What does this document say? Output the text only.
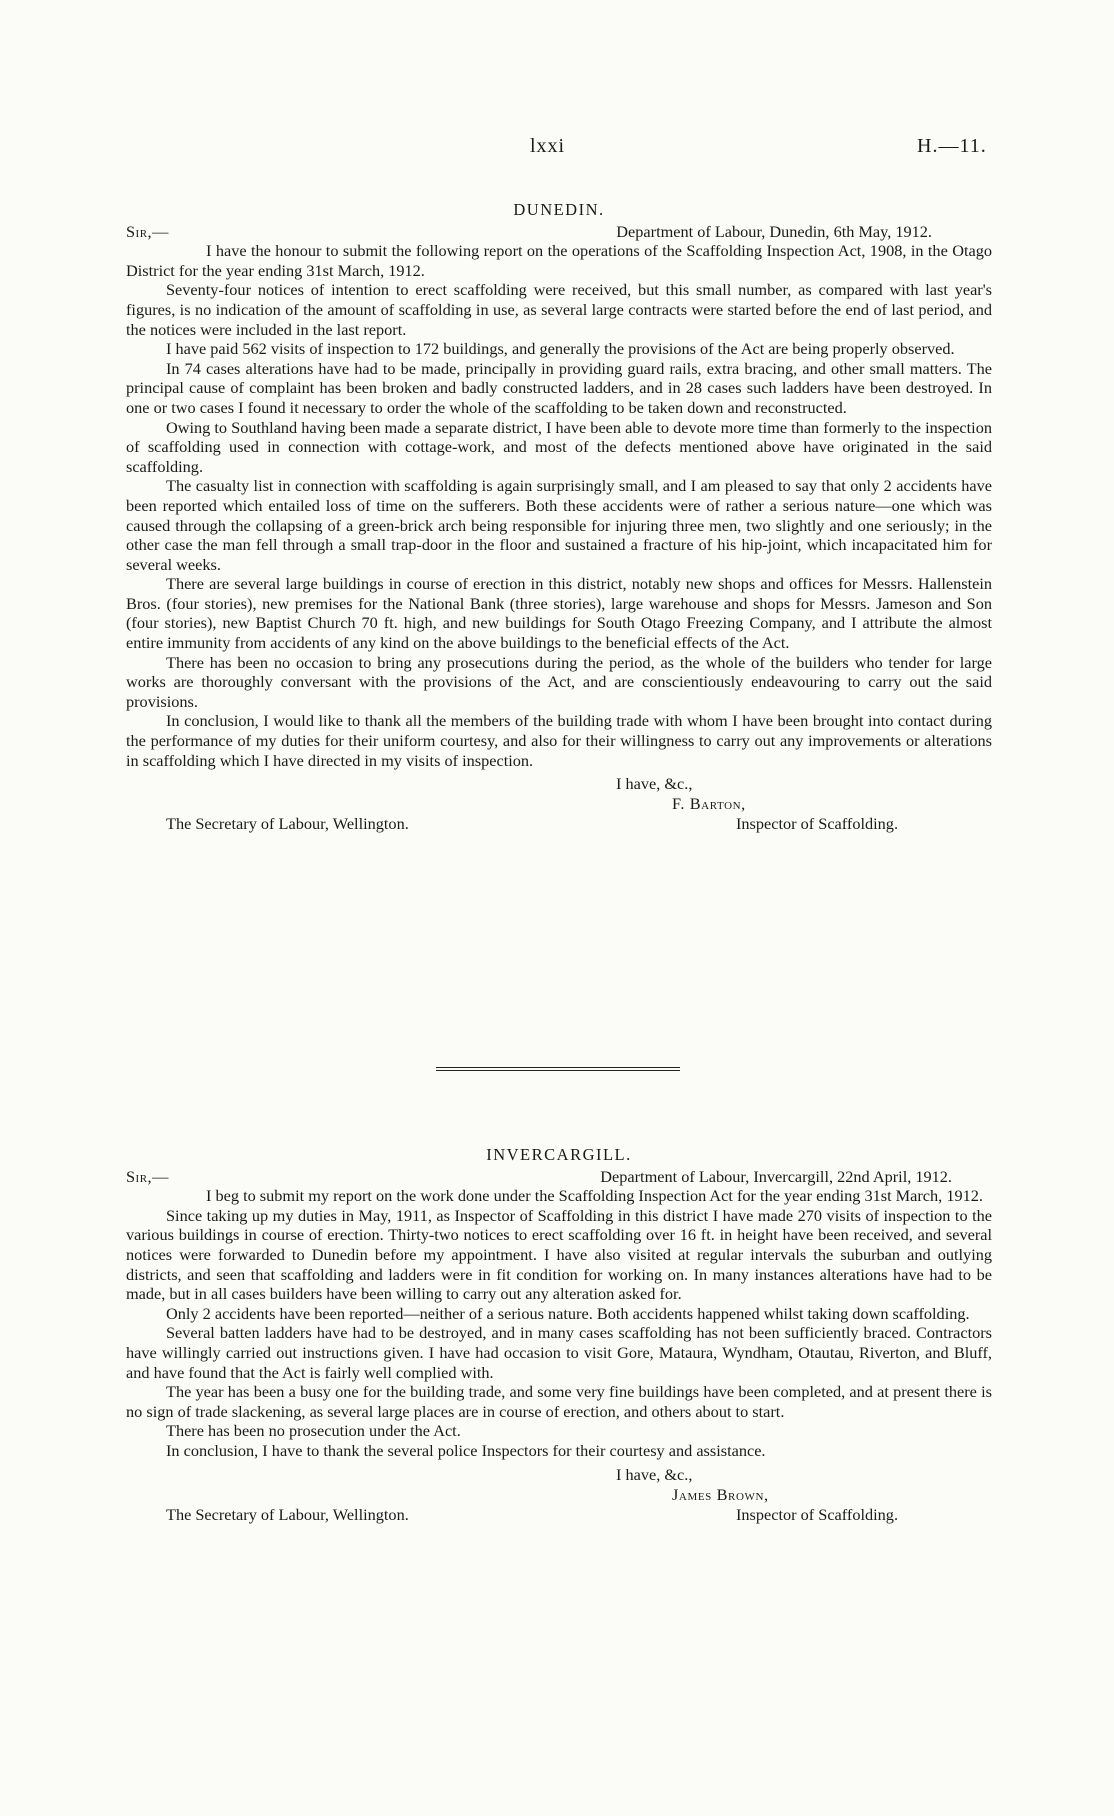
lxxi	H.—11.
DUNEDIN.
Sir,—	Department of Labour, Dunedin, 6th May, 1912.

I have the honour to submit the following report on the operations of the Scaffolding Inspection Act, 1908, in the Otago District for the year ending 31st March, 1912.

Seventy-four notices of intention to erect scaffolding were received, but this small number, as compared with last year's figures, is no indication of the amount of scaffolding in use, as several large contracts were started before the end of last period, and the notices were included in the last report.

I have paid 562 visits of inspection to 172 buildings, and generally the provisions of the Act are being properly observed.

In 74 cases alterations have had to be made, principally in providing guard rails, extra bracing, and other small matters. The principal cause of complaint has been broken and badly constructed ladders, and in 28 cases such ladders have been destroyed. In one or two cases I found it necessary to order the whole of the scaffolding to be taken down and reconstructed.

Owing to Southland having been made a separate district, I have been able to devote more time than formerly to the inspection of scaffolding used in connection with cottage-work, and most of the defects mentioned above have originated in the said scaffolding.

The casualty list in connection with scaffolding is again surprisingly small, and I am pleased to say that only 2 accidents have been reported which entailed loss of time on the sufferers. Both these accidents were of rather a serious nature—one which was caused through the collapsing of a green-brick arch being responsible for injuring three men, two slightly and one seriously; in the other case the man fell through a small trap-door in the floor and sustained a fracture of his hip-joint, which incapacitated him for several weeks.

There are several large buildings in course of erection in this district, notably new shops and offices for Messrs. Hallenstein Bros. (four stories), new premises for the National Bank (three stories), large warehouse and shops for Messrs. Jameson and Son (four stories), new Baptist Church 70 ft. high, and new buildings for South Otago Freezing Company, and I attribute the almost entire immunity from accidents of any kind on the above buildings to the beneficial effects of the Act.

There has been no occasion to bring any prosecutions during the period, as the whole of the builders who tender for large works are thoroughly conversant with the provisions of the Act, and are conscientiously endeavouring to carry out the said provisions.

In conclusion, I would like to thank all the members of the building trade with whom I have been brought into contact during the performance of my duties for their uniform courtesy, and also for their willingness to carry out any improvements or alterations in scaffolding which I have directed in my visits of inspection.

I have, &c.,
F. Barton,
The Secretary of Labour, Wellington.	Inspector of Scaffolding.
INVERCARGILL.
Sir,—	Department of Labour, Invercargill, 22nd April, 1912.

I beg to submit my report on the work done under the Scaffolding Inspection Act for the year ending 31st March, 1912.

Since taking up my duties in May, 1911, as Inspector of Scaffolding in this district I have made 270 visits of inspection to the various buildings in course of erection. Thirty-two notices to erect scaffolding over 16 ft. in height have been received, and several notices were forwarded to Dunedin before my appointment. I have also visited at regular intervals the suburban and outlying districts, and seen that scaffolding and ladders were in fit condition for working on. In many instances alterations have had to be made, but in all cases builders have been willing to carry out any alteration asked for.

Only 2 accidents have been reported—neither of a serious nature. Both accidents happened whilst taking down scaffolding.

Several batten ladders have had to be destroyed, and in many cases scaffolding has not been sufficiently braced. Contractors have willingly carried out instructions given. I have had occasion to visit Gore, Mataura, Wyndham, Otautau, Riverton, and Bluff, and have found that the Act is fairly well complied with.

The year has been a busy one for the building trade, and some very fine buildings have been completed, and at present there is no sign of trade slackening, as several large places are in course of erection, and others about to start.

There has been no prosecution under the Act.

In conclusion, I have to thank the several police Inspectors for their courtesy and assistance.

I have, &c.,
James Brown,
The Secretary of Labour, Wellington.	Inspector of Scaffolding.
